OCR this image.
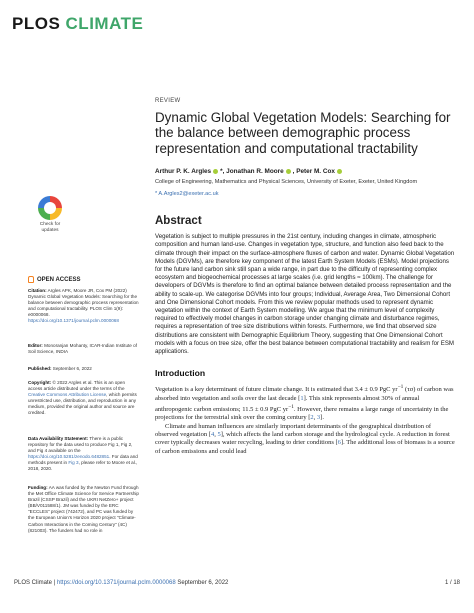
PLOS CLIMATE
Check for
updates
OPEN ACCESS
Citation: Argles APK, Moore JR, Cox PM (2022) Dynamic Global Vegetation Models: Searching for the balance between demographic process representation and computational tractability. PLOS Clim 1(9): e0000068. https://doi.org/10.1371/journal.pclm.0000068
Editor: Monoranjan Mohanty, ICAR-Indian Institute of Soil Science, INDIA
Published: September 6, 2022
Copyright: © 2022 Argles et al. This is an open access article distributed under the terms of the Creative Commons Attribution License, which permits unrestricted use, distribution, and reproduction in any medium, provided the original author and source are credited.
Data Availability Statement: There is a public repository for the data used to produce Fig 1, Fig 2, and Fig 4 available on the https://doi.org/10.5281/zenodo.6482851. For data and methods present in Fig 3, please refer to Moore et al., 2018, 2020.
Funding: AA was funded by the Newton Fund through the Met Office Climate Science for Service Partnership Brazil (CSSP Brazil) and the UKRI NetZero+ project (BB/V011588/1). JM was funded by the ERC "ECCLES" project (742472), and PC was funded by the European Union's Horizon 2020 project "Climate-Carbon Interactions in the Coming Century" (4C) (821003). The funders had no role in
REVIEW
Dynamic Global Vegetation Models: Searching for the balance between demographic process representation and computational tractability
Arthur P. K. Argles *, Jonathan R. Moore , Peter M. Cox
College of Engineering, Mathematics and Physical Sciences, University of Exeter, Exeter, United Kingdom
* A.Argles2@exeter.ac.uk
Abstract

Vegetation is subject to multiple pressures in the 21st century, including changes in climate, atmospheric composition and human land-use. Changes in vegetation type, structure, and function also feed back to the climate through their impact on the surface-atmosphere fluxes of carbon and water. Dynamic Global Vegetation Models (DGVMs), are therefore key component of the latest Earth System Models (ESMs). Model projections for the future land carbon sink still span a wide range, in part due to the difficulty of representing complex ecosystem and biogeochemical processes at large scales (i.e. grid lengths ≈ 100km). The challenge for developers of DGVMs is therefore to find an optimal balance between detailed process representation and the ability to scale-up. We categorise DGVMs into four groups; Individual, Average Area, Two Dimensional Cohort and One Dimensional Cohort models. From this we review popular methods used to represent dynamic vegetation within the context of Earth System modelling. We argue that the minimum level of complexity required to effectively model changes in carbon storage under changing climate and disturbance regimes, requires a representation of tree size distributions within forests. Furthermore, we find that observed size distributions are consistent with Demographic Equilibrium Theory, suggesting that One Dimensional Cohort models with a focus on tree size, offer the best balance between computational tractability and realism for ESM applications.

Introduction

Vegetation is a key determinant of future climate change. It is estimated that 3.4 ± 0.9 PgC $yr^{-1}$ (τσ) of carbon was absorbed into vegetation and soils over the last decade [1]. This sink represents almost 30% of annual anthropogenic carbon emissions; 11.5 ± 0.9 PgC $yr^{-1}$. However, there remains a large range of uncertainty in the projections for the terrestrial sink over the coming century [2, 3].

Climate and human influences are similarly important determinants of the geographical distribution of observed vegetation [4, 5], which affects the land carbon storage and the hydrological cycle. A reduction in forest cover typically decreases water recycling, leading to drier conditions [6]. The additional loss of biomass is a source of carbon emissions and could lead

PLOS Climate | https://doi.org/10.1371/journal.pclm.0000068 September 6, 2022	1 / 18
